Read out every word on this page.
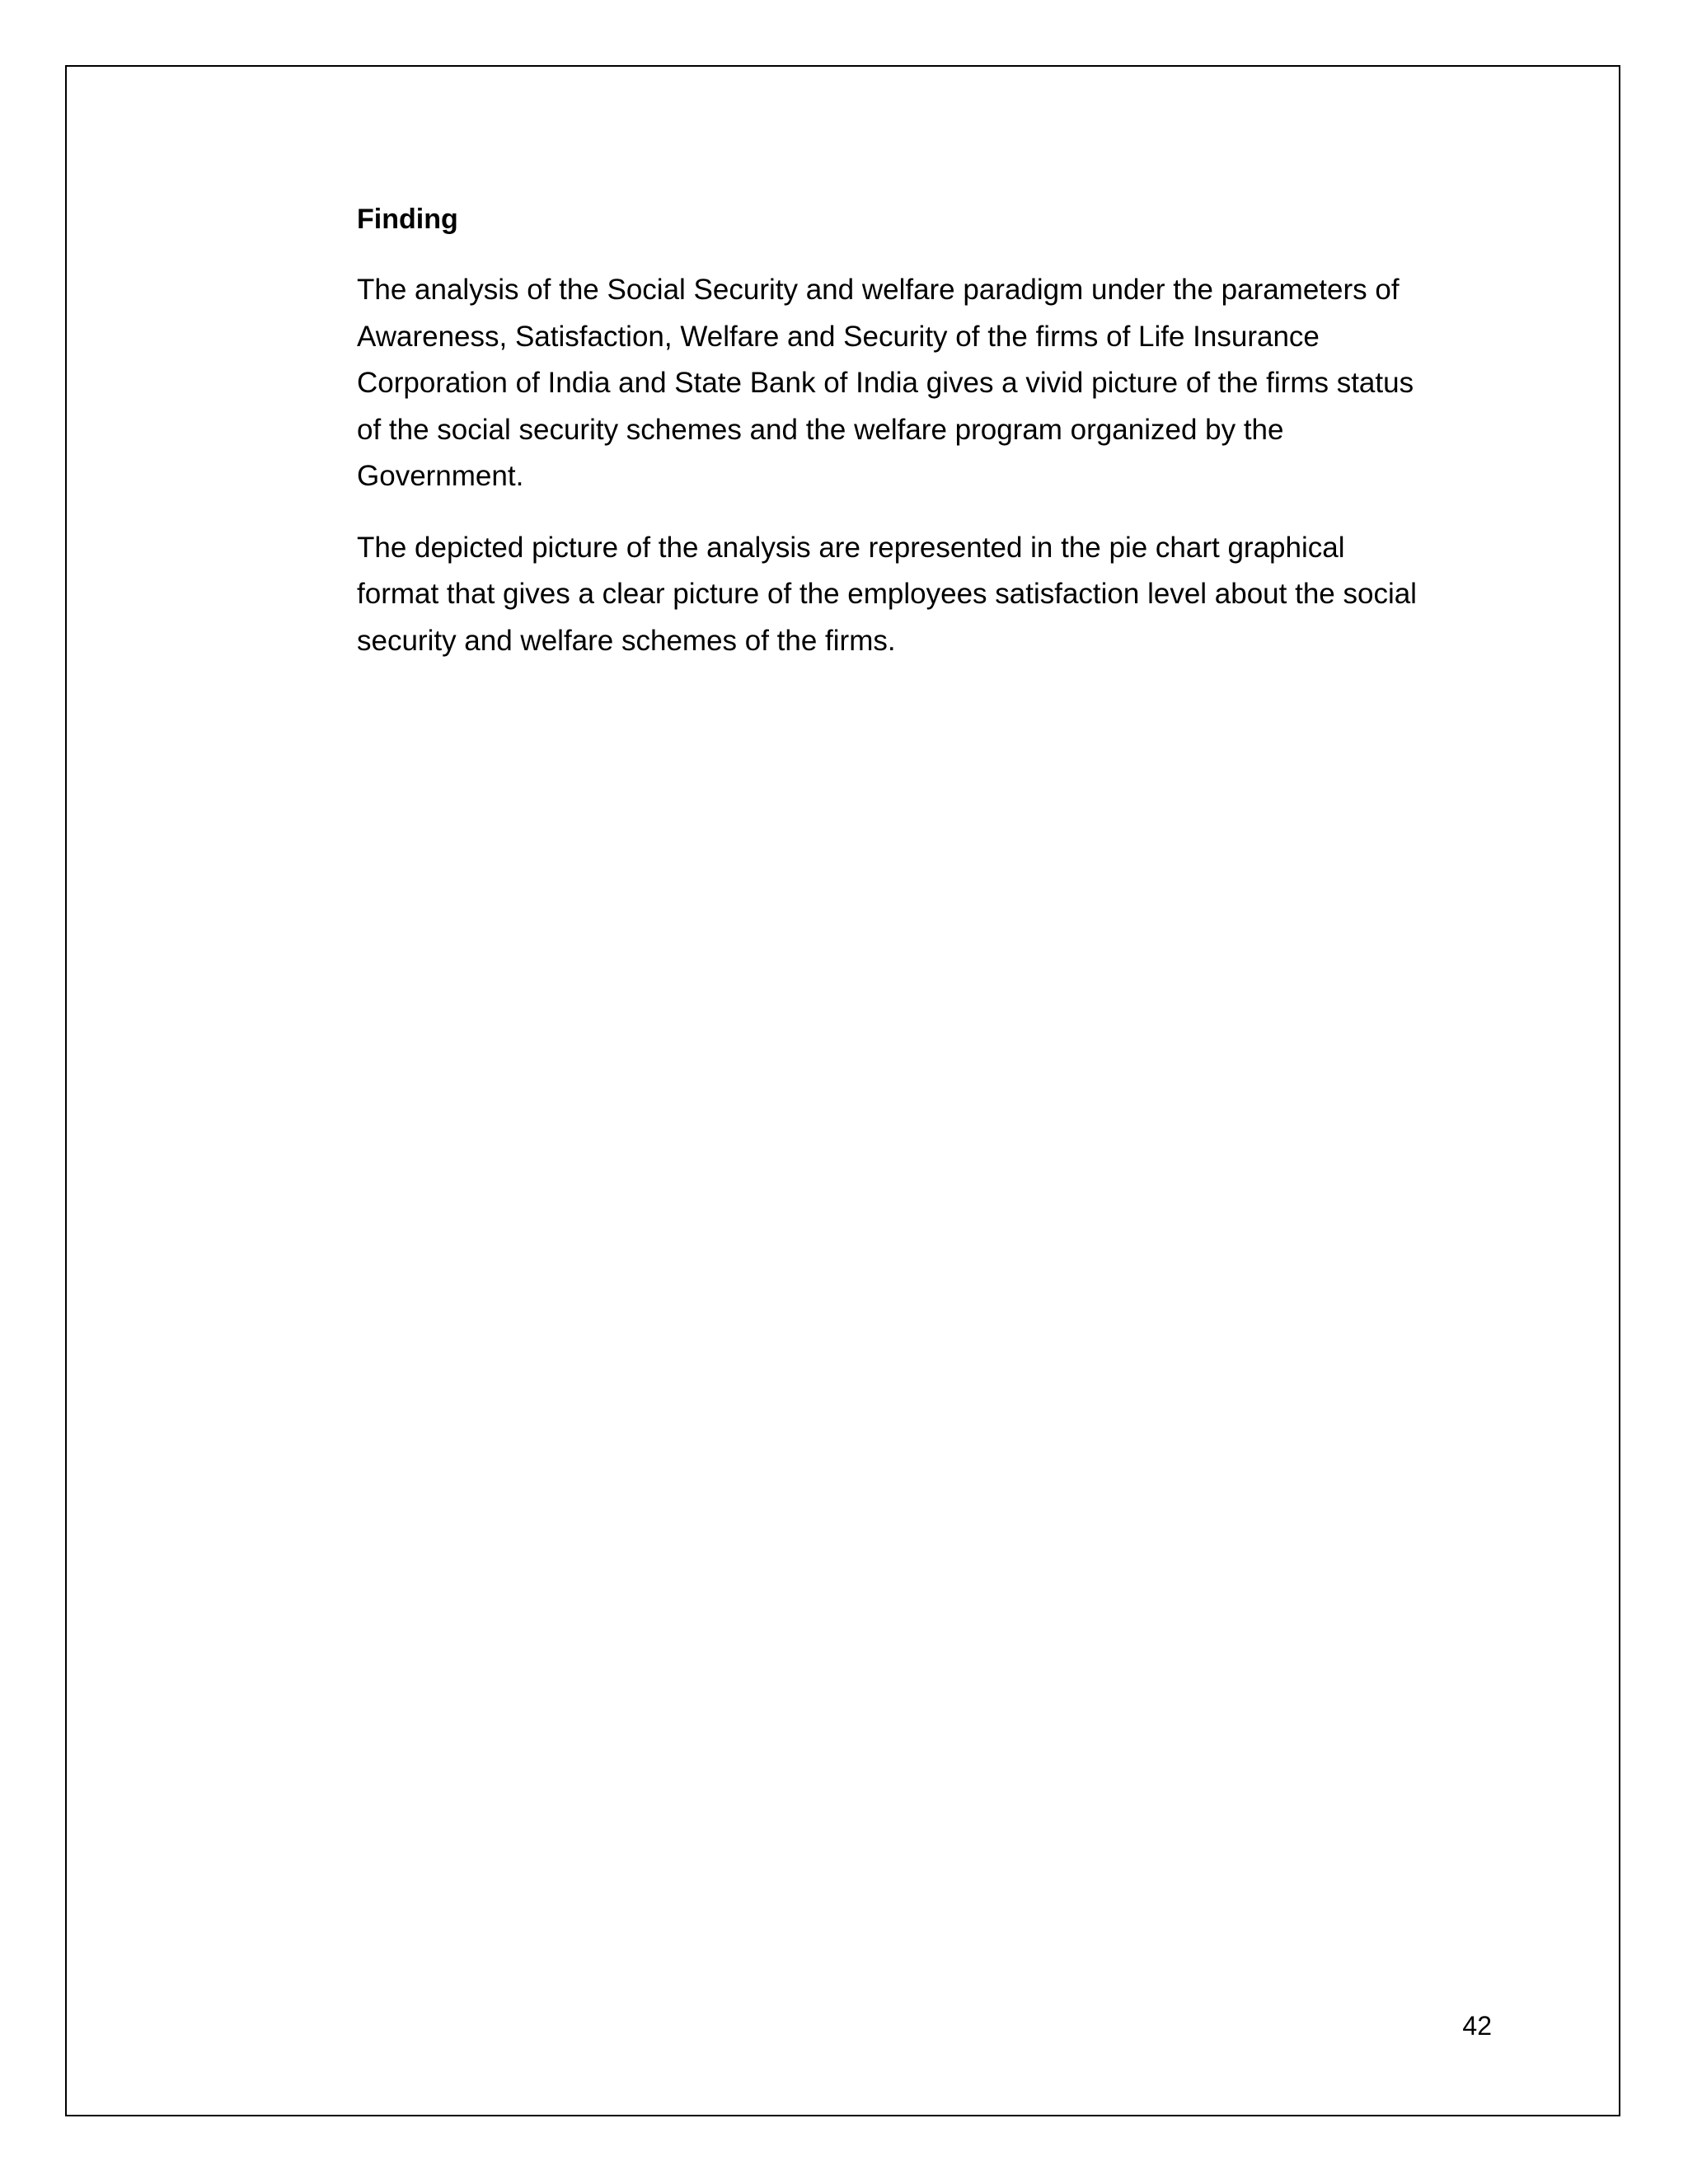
Finding

The analysis of the Social Security and welfare paradigm under the parameters of
Awareness, Satisfaction, Welfare and Security of the firms of Life Insurance
Corporation of India and State Bank of India gives a vivid picture of the firms status
of the social security schemes and the welfare program organized by the
Government.

The depicted picture of the analysis are represented in the pie chart graphical
format that gives a clear picture of the employees satisfaction level about the social
security and welfare schemes of the firms.

42
